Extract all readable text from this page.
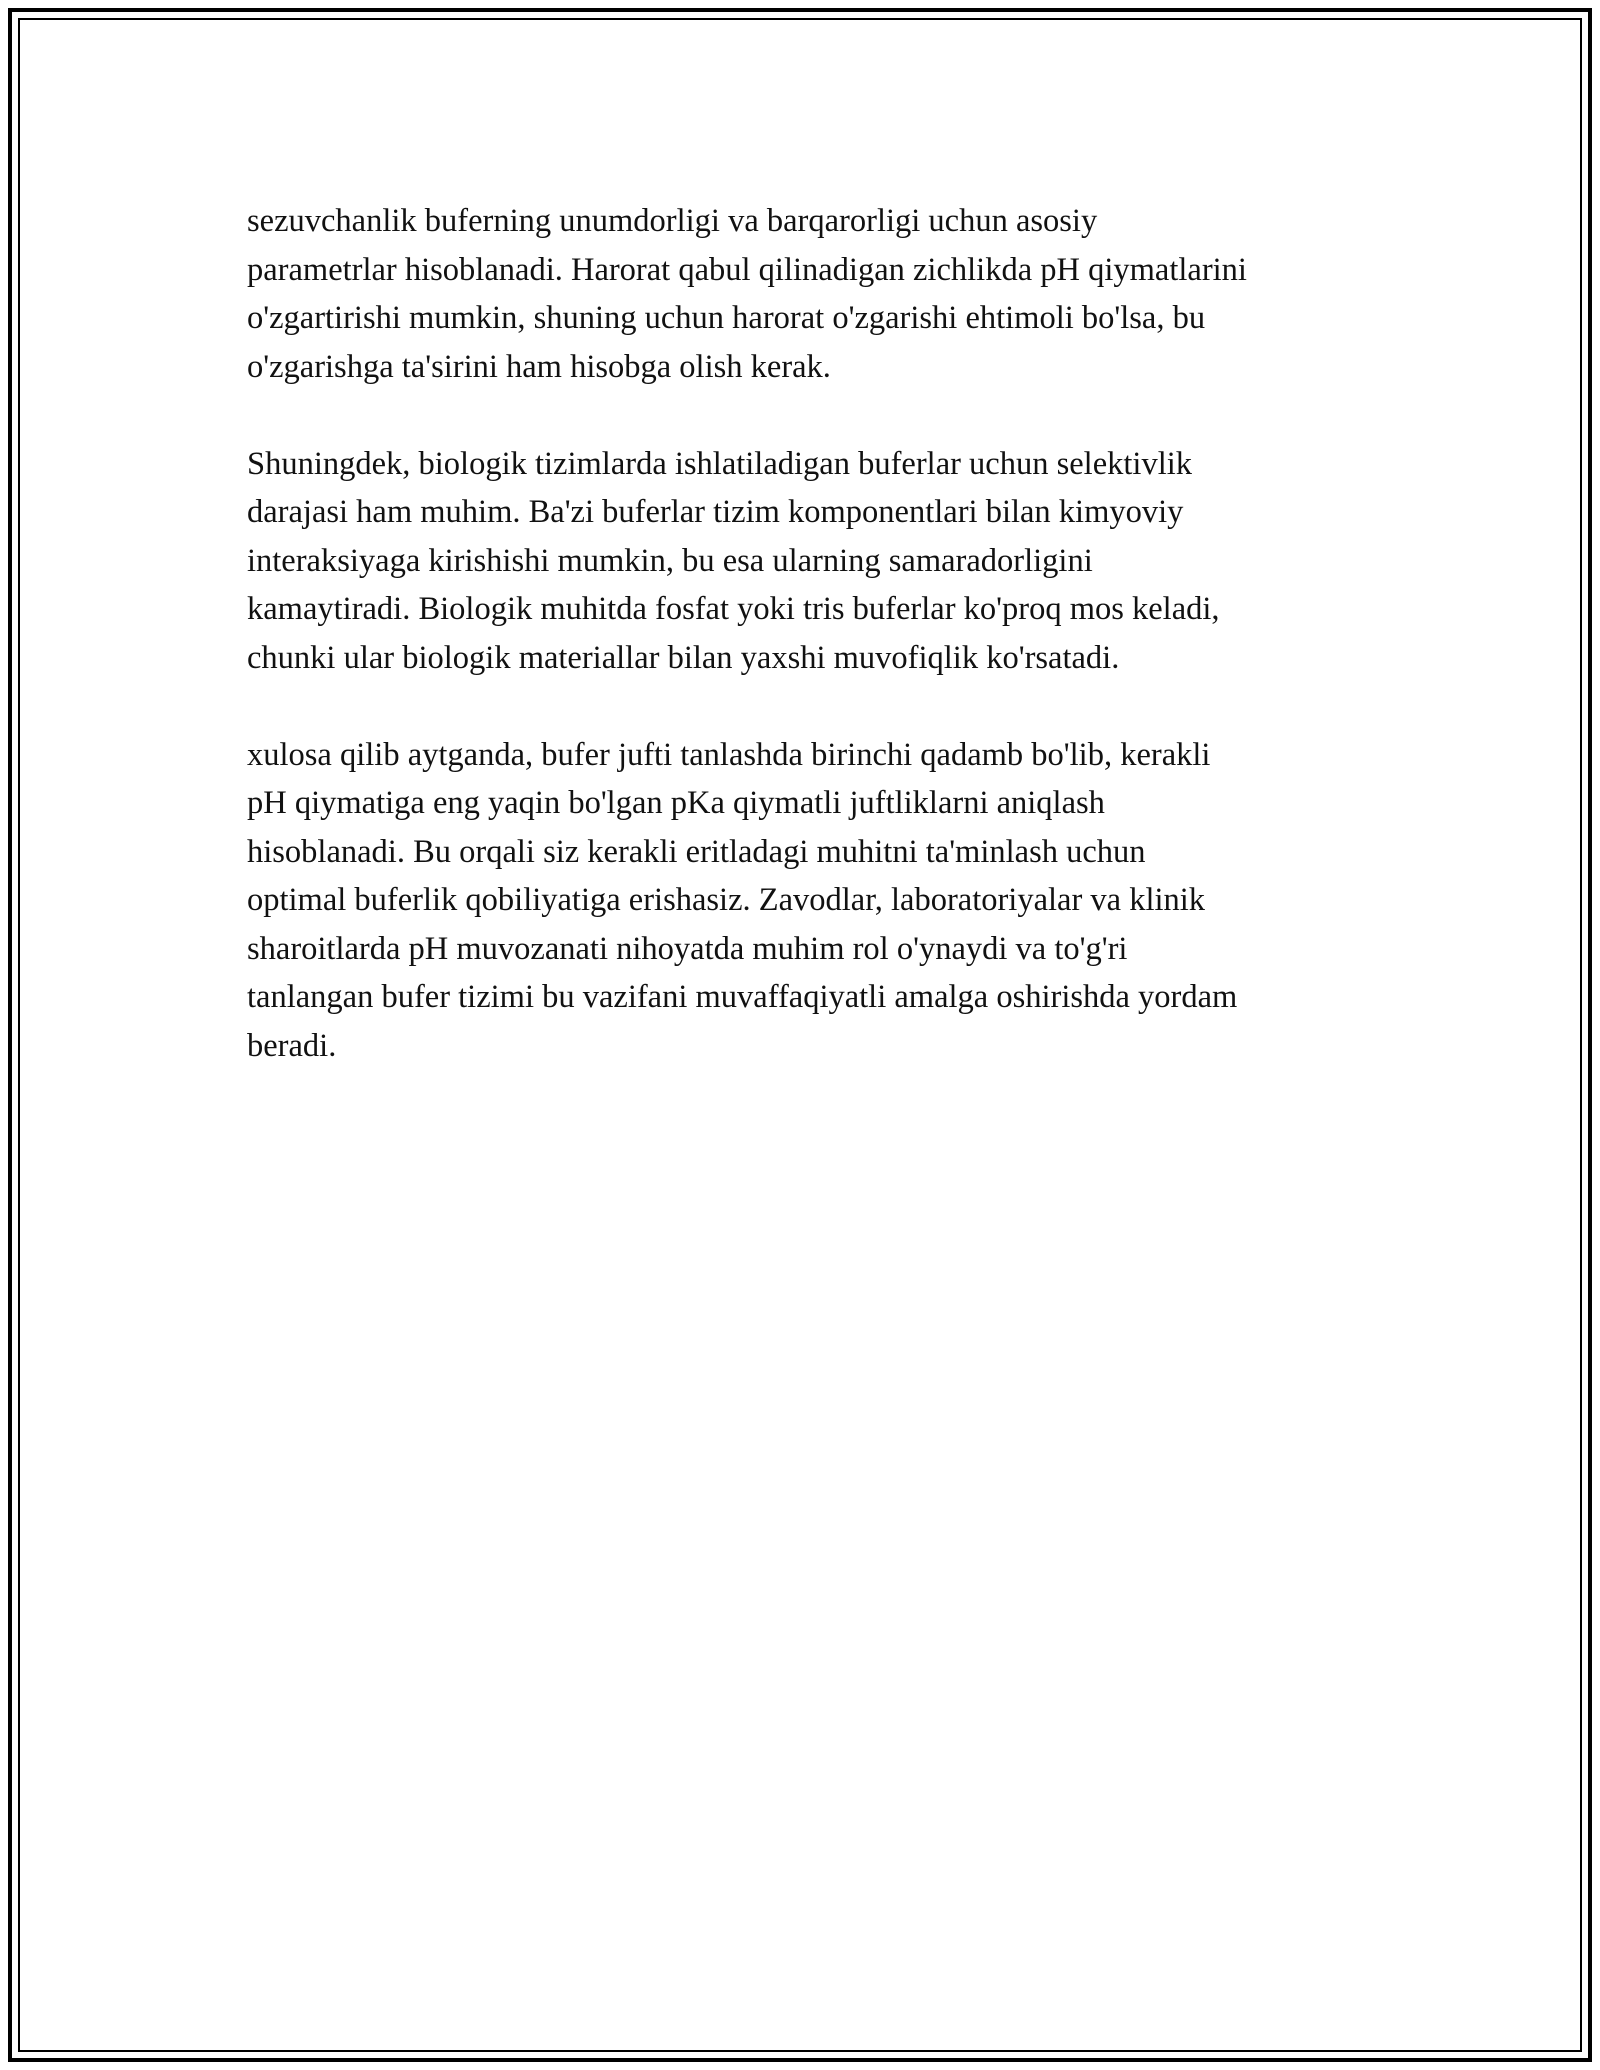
sezuvchanlik buferning unumdorligi va barqarorligi uchun asosiy
parametrlar hisoblanadi. Harorat qabul qilinadigan zichlikda pH qiymatlarini
o'zgartirishi mumkin, shuning uchun harorat o'zgarishi ehtimoli bo'lsa, bu
o'zgarishga ta'sirini ham hisobga olish kerak.

Shuningdek, biologik tizimlarda ishlatiladigan buferlar uchun selektivlik
darajasi ham muhim. Ba'zi buferlar tizim komponentlari bilan kimyoviy
interaksiyaga kirishishi mumkin, bu esa ularning samaradorligini
kamaytiradi. Biologik muhitda fosfat yoki tris buferlar ko'proq mos keladi,
chunki ular biologik materiallar bilan yaxshi muvofiqlik ko'rsatadi.

xulosa qilib aytganda, bufer jufti tanlashda birinchi qadamb bo'lib, kerakli
pH qiymatiga eng yaqin bo'lgan pKa qiymatli juftliklarni aniqlash
hisoblanadi. Bu orqali siz kerakli eritladagi muhitni ta'minlash uchun
optimal buferlik qobiliyatiga erishasiz. Zavodlar, laboratoriyalar va klinik
sharoitlarda pH muvozanati nihoyatda muhim rol o'ynaydi va to'g'ri
tanlangan bufer tizimi bu vazifani muvaffaqiyatli amalga oshirishda yordam
beradi.
